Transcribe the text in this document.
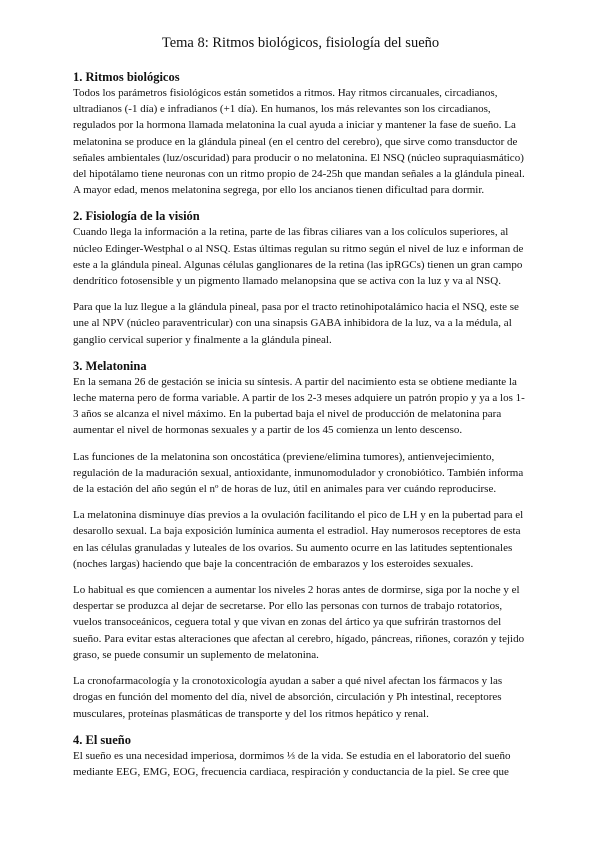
Tema 8: Ritmos biológicos, fisiología del sueño
1. Ritmos biológicos

Todos los parámetros fisiológicos están sometidos a ritmos. Hay ritmos circanuales, circadianos, ultradianos (-1 día) e infradianos (+1 día). En humanos, los más relevantes son los circadianos, regulados por la hormona llamada melatonina la cual ayuda a iniciar y mantener la fase de sueño. La melatonina se produce en la glándula pineal (en el centro del cerebro), que sirve como transductor de señales ambientales (luz/oscuridad) para producir o no melatonina. El NSQ (núcleo supraquiasmático) del hipotálamo tiene neuronas con un ritmo propio de 24-25h que mandan señales a la glándula pineal. A mayor edad, menos melatonina segrega, por ello los ancianos tienen dificultad para dormir.

2. Fisiología de la visión

Cuando llega la información a la retina, parte de las fibras ciliares van a los colículos superiores, al núcleo Edinger-Westphal o al NSQ. Estas últimas regulan su ritmo según el nivel de luz e informan de este a la glándula pineal. Algunas células ganglionares de la retina (las ipRGCs) tienen un gran campo dendrítico fotosensible y un pigmento llamado melanopsina que se activa con la luz y va al NSQ.

Para que la luz llegue a la glándula pineal, pasa por el tracto retinohipotalámico hacia el NSQ, este se une al NPV (núcleo paraventricular) con una sinapsis GABA inhibidora de la luz, va a la médula, al ganglio cervical superior y finalmente a la glándula pineal.

3. Melatonina

En la semana 26 de gestación se inicia su síntesis. A partir del nacimiento esta se obtiene mediante la leche materna pero de forma variable. A partir de los 2-3 meses adquiere un patrón propio y ya a los 1-3 años se alcanza el nivel máximo. En la pubertad baja el nivel de producción de melatonina para aumentar el nivel de hormonas sexuales y a partir de los 45 comienza un lento descenso.

Las funciones de la melatonina son oncostática (previene/elimina tumores), antienvejecimiento, regulación de la maduración sexual, antioxidante, inmunomodulador y cronobiótico. También informa de la estación del año según el nº de horas de luz, útil en animales para ver cuándo reproducirse.

La melatonina disminuye días previos a la ovulación facilitando el pico de LH y en la pubertad para el desarollo sexual. La baja exposición lumínica aumenta el estradiol. Hay numerosos receptores de esta en las células granuladas y luteales de los ovarios. Su aumento ocurre en las latitudes septentionales (noches largas) haciendo que baje la concentración de embarazos y los esteroides sexuales.

Lo habitual es que comiencen a aumentar los niveles 2 horas antes de dormirse, siga por la noche y el despertar se produzca al dejar de secretarse. Por ello las personas con turnos de trabajo rotatorios, vuelos transoceánicos, ceguera total y que vivan en zonas del ártico ya que sufrirán trastornos del sueño. Para evitar estas alteraciones que afectan al cerebro, hígado, páncreas, riñones, corazón y tejido graso, se puede consumir un suplemento de melatonina.

La cronofarmacología y la cronotoxicología ayudan a saber a qué nivel afectan los fármacos y las drogas en función del momento del día, nivel de absorción, circulación y Ph intestinal, receptores musculares, proteínas plasmáticas de transporte y del los ritmos hepático y renal.

4. El sueño

El sueño es una necesidad imperiosa, dormimos ⅓ de la vida. Se estudia en el laboratorio del sueño mediante EEG, EMG, EOG, frecuencia cardiaca, respiración y conductancia de la piel. Se cree que
